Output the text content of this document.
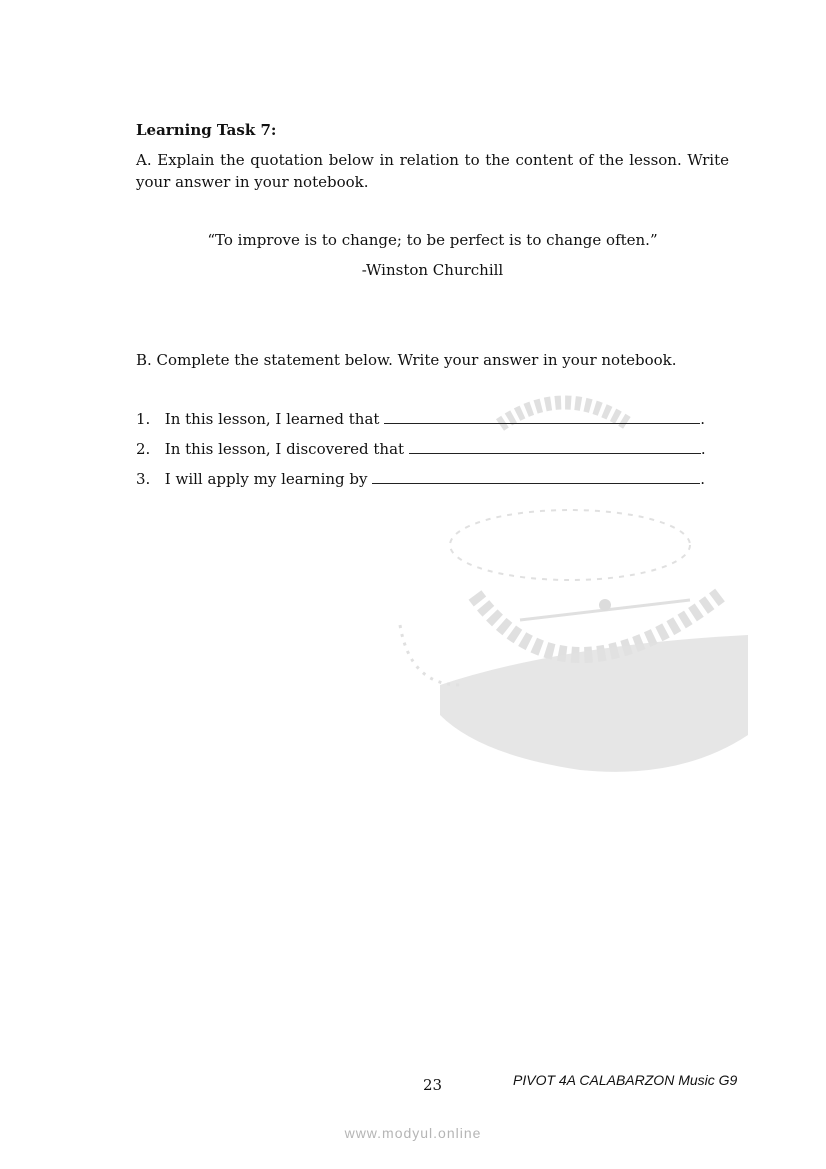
Learning Task 7:

A. Explain the quotation below in relation to the content of the lesson. Write your answer in your notebook.

“To improve is to change; to be perfect is to change often.”

-Winston Churchill

B. Complete the statement below. Write your answer in your notebook.

1. In this lesson, I learned that	.
2. In this lesson, I discovered that	.
3. I will apply my learning by	.

23	PIVOT 4A CALABARZON Music G9

www.modyul.online
